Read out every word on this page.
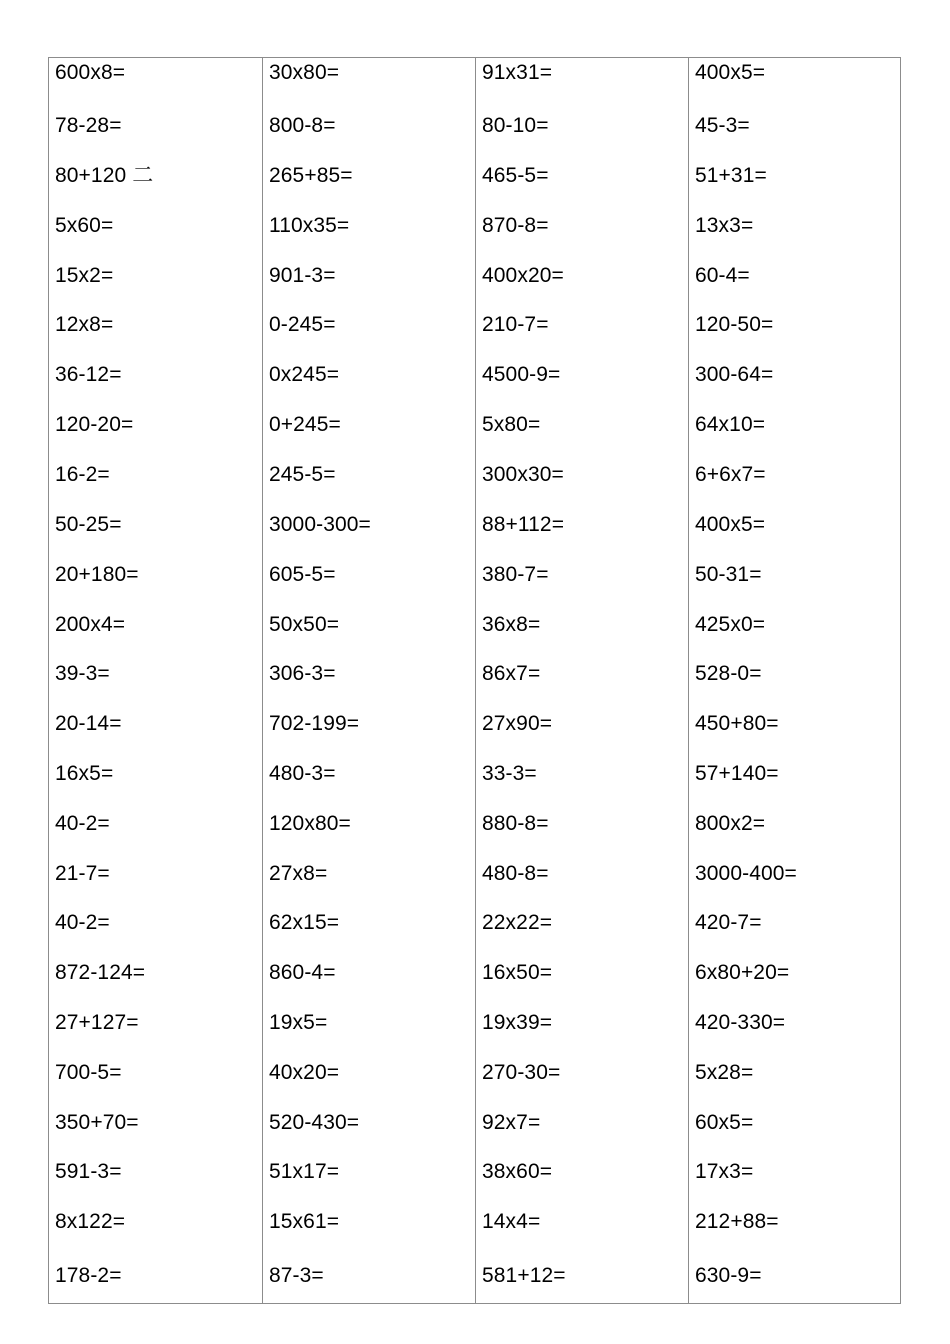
600x8=
78-28=
80+120 二
5x60=
15x2=
12x8=
36-12=
120-20=
16-2=
50-25=
20+180=
200x4=
39-3=
20-14=
16x5=
40-2=
21-7=
40-2=
872-124=
27+127=
700-5=
350+70=
591-3=
8x122=
178-2=
30x80=
800-8=
265+85=
110x35=
901-3=
0-245=
0x245=
0+245=
245-5=
3000-300=
605-5=
50x50=
306-3=
702-199=
480-3=
120x80=
27x8=
62x15=
860-4=
19x5=
40x20=
520-430=
51x17=
15x61=
87-3=
91x31=
80-10=
465-5=
870-8=
400x20=
210-7=
4500-9=
5x80=
300x30=
88+112=
380-7=
36x8=
86x7=
27x90=
33-3=
880-8=
480-8=
22x22=
16x50=
19x39=
270-30=
92x7=
38x60=
14x4=
581+12=
400x5=
45-3=
51+31=
13x3=
60-4=
120-50=
300-64=
64x10=
6+6x7=
400x5=
50-31=
425x0=
528-0=
450+80=
57+140=
800x2=
3000-400=
420-7=
6x80+20=
420-330=
5x28=
60x5=
17x3=
212+88=
630-9=
